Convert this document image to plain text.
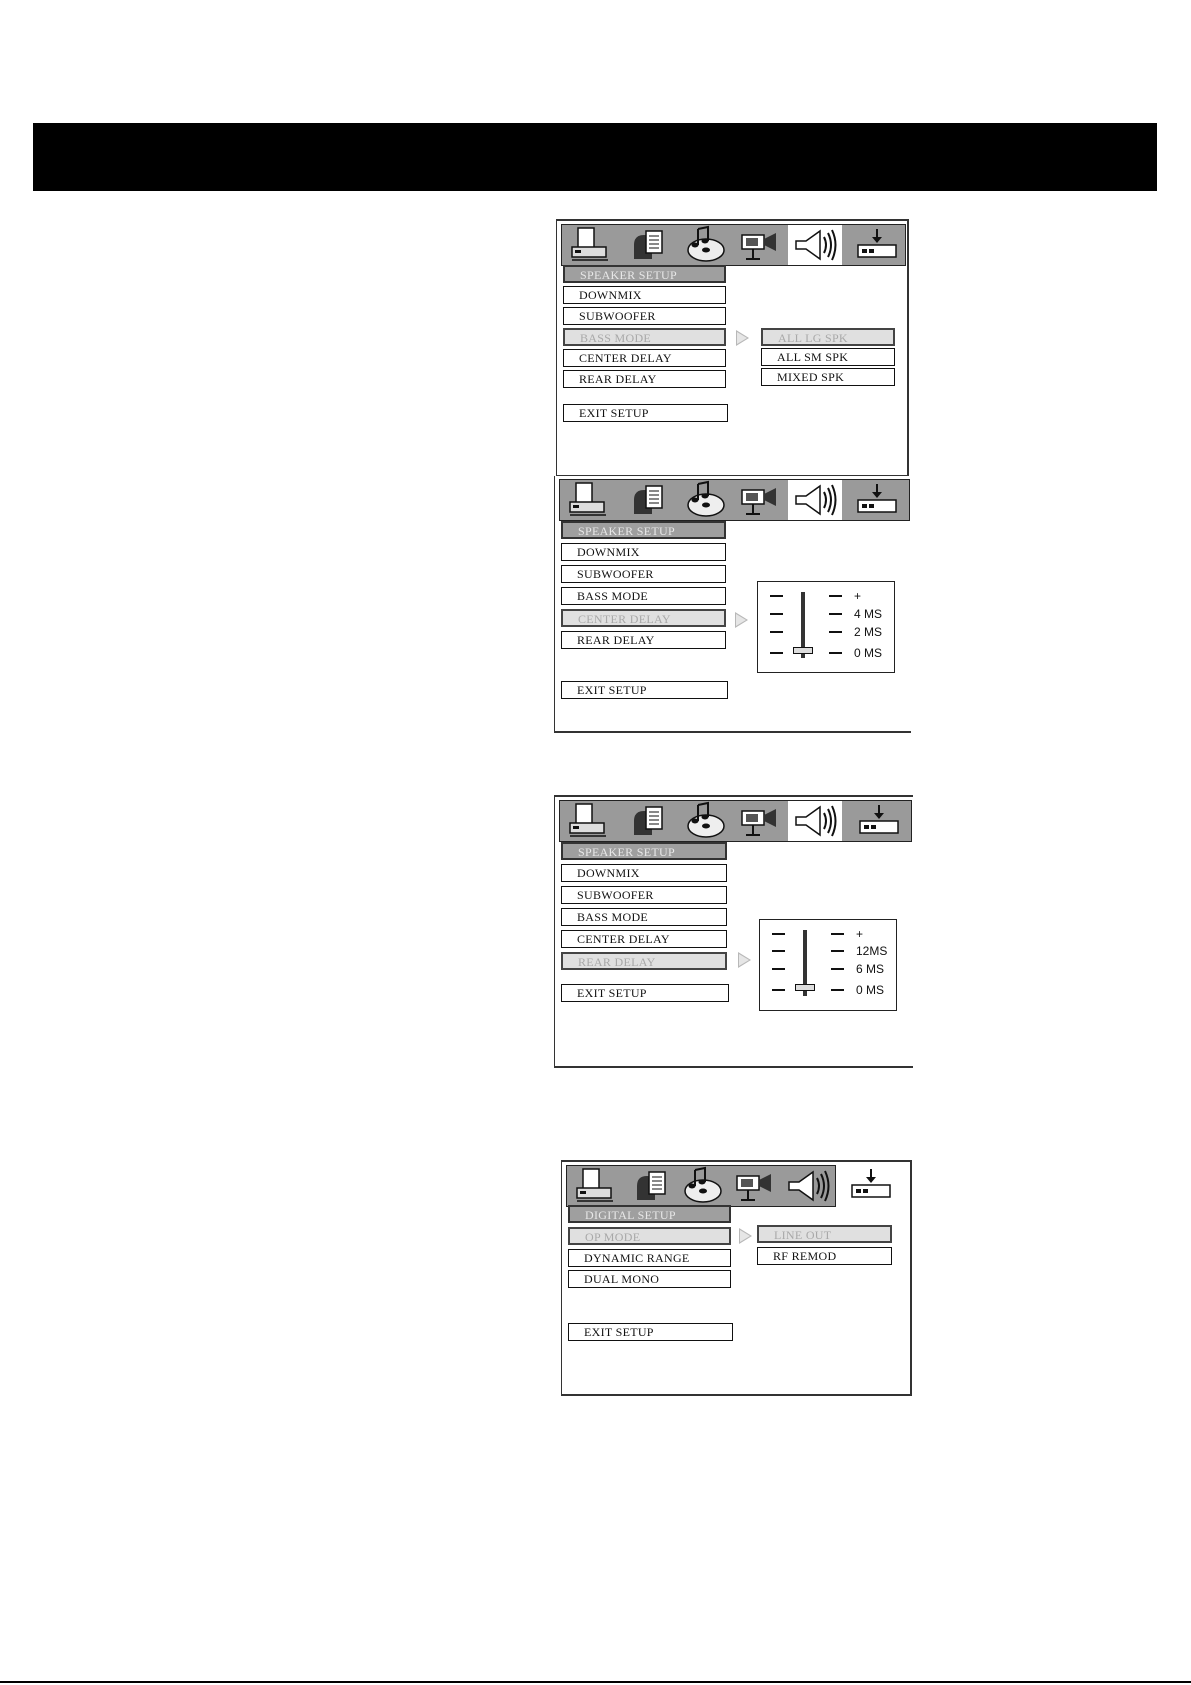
SPEAKER SETUP
DOWNMIX
SUBWOOFER
BASS MODE
CENTER DELAY
REAR DELAY
EXIT SETUP
ALL LG SPK
ALL SM SPK
MIXED SPK
SPEAKER SETUP
DOWNMIX
SUBWOOFER
BASS MODE
CENTER DELAY
REAR DELAY
EXIT SETUP
+
4 MS
2 MS
0 MS
SPEAKER SETUP
DOWNMIX
SUBWOOFER
BASS MODE
CENTER DELAY
REAR DELAY
EXIT SETUP
+
12MS
6 MS
0 MS
DIGITAL SETUP
OP MODE
DYNAMIC RANGE
DUAL MONO
EXIT SETUP
LINE OUT
RF REMOD
